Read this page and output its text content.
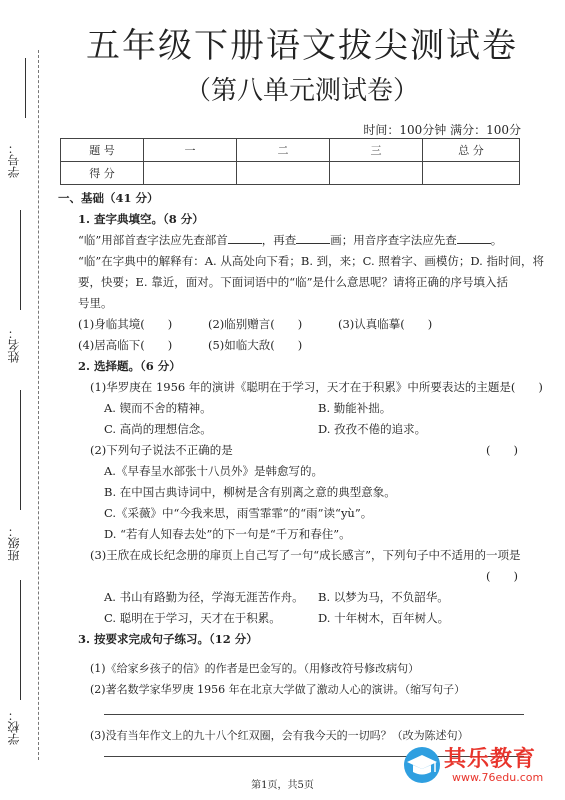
学号：
姓名：
班级：
学校：
五年级下册语文拔尖测试卷
（第八单元测试卷）
时间：100分钟 满分：100分
题 号	一	二	三	总 分
得 分				
一、基础（41 分）
1. 查字典填空。（8 分）
“临”用部首查字法应先查部首	，再查	画；用音序查字法应先查	。
“临”在字典中的解释有：A. 从高处向下看；B. 到，来；C. 照着字、画模仿；D. 指时间，将
要，快要；E. 靠近，面对。下面词语中的“临”是什么意思呢？请将正确的序号填入括
号里。
(1)身临其境(　　)	(2)临别赠言(　　)	(3)认真临摹(　　)
(4)居高临下(　　)	(5)如临大敌(　　)
2. 选择题。（6 分）
(1)华罗庚在 1956 年的演讲《聪明在于学习，天才在于积累》中所要表达的主题是(　　)
A. 锲而不舍的精神。	B. 勤能补拙。
C. 高尚的理想信念。	D. 孜孜不倦的追求。
(2)下列句子说法不正确的是	(　　)
A.《早春呈水部张十八员外》是韩愈写的。
B. 在中国古典诗词中，柳树是含有别离之意的典型意象。
C.《采薇》中“今我来思，雨雪霏霏”的“雨”读“yù”。
D. “若有人知春去处”的下一句是“千万和春住”。
(3)王欣在成长纪念册的扉页上自己写了一句“成长感言”，下列句子中不适用的一项是
(　　)
A. 书山有路勤为径，学海无涯苦作舟。	B. 以梦为马，不负韶华。
C. 聪明在于学习，天才在于积累。	D. 十年树木，百年树人。
3. 按要求完成句子练习。（12 分）
(1)《给家乡孩子的信》的作者是巴金写的。（用修改符号修改病句）
(2)著名数学家华罗庚 1956 年在北京大学做了激动人心的演讲。（缩写句子）
(3)没有当年作文上的九十八个红双圈，会有我今天的一切吗？（改为陈述句）
第1页，共5页
其乐教育
www.76edu.com
